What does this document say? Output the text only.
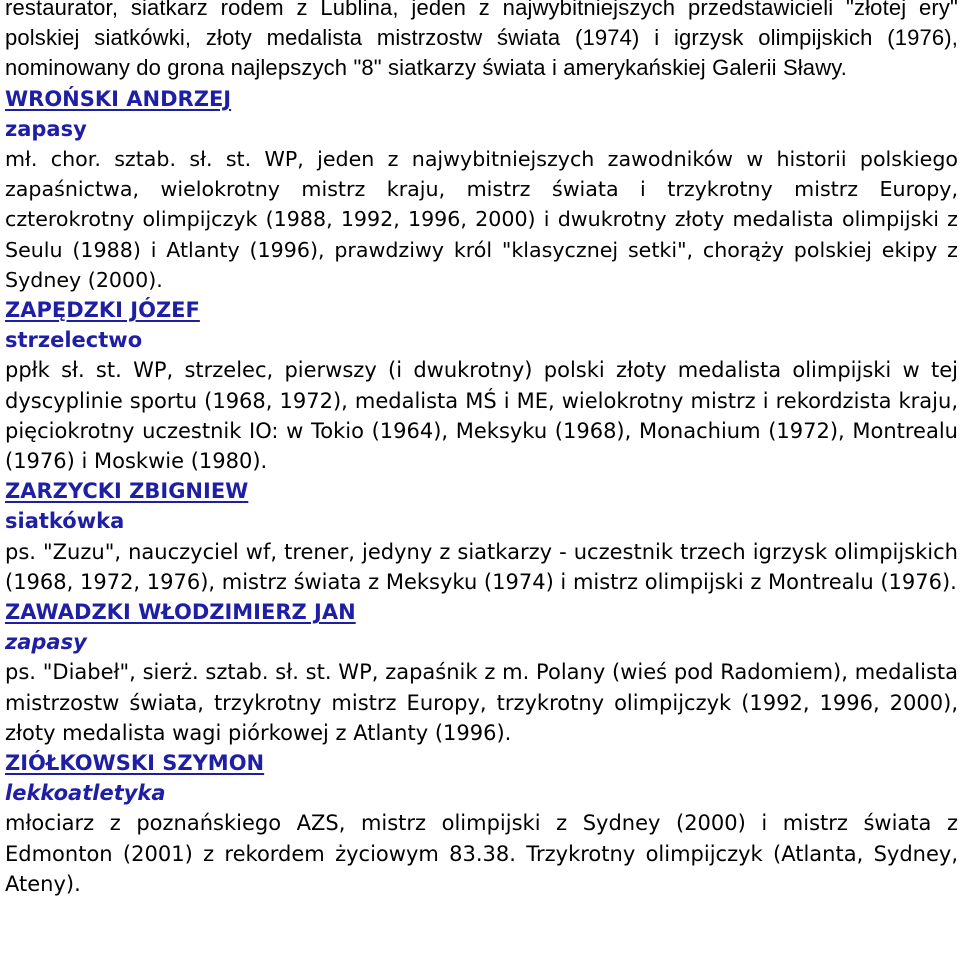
restaurator, siatkarz rodem z Lublina, jeden z najwybitniejszych przedstawicieli "złotej ery" polskiej siatkówki, złoty medalista mistrzostw świata (1974) i igrzysk olimpijskich (1976), nominowany do grona najlepszych "8" siatkarzy świata i amerykańskiej Galerii Sławy.

WROŃSKI ANDRZEJ

zapasy

mł. chor. sztab. sł. st. WP, jeden z najwybitniejszych zawodników w historii polskiego zapaśnictwa, wielokrotny mistrz kraju, mistrz świata i trzykrotny mistrz Europy, czterokrotny olimpijczyk (1988, 1992, 1996, 2000) i dwukrotny złoty medalista olimpijski z Seulu (1988) i Atlanty (1996), prawdziwy król "klasycznej setki", chorąży polskiej ekipy z Sydney (2000).

ZAPĘDZKI JÓZEF

strzelectwo

ppłk sł. st. WP, strzelec, pierwszy (i dwukrotny) polski złoty medalista olimpijski w tej dyscyplinie sportu (1968, 1972), medalista MŚ i ME, wielokrotny mistrz i rekordzista kraju, pięciokrotny uczestnik IO: w Tokio (1964), Meksyku (1968), Monachium (1972), Montrealu (1976) i Moskwie (1980).

ZARZYCKI ZBIGNIEW

siatkówka

ps. "Zuzu", nauczyciel wf, trener, jedyny z siatkarzy - uczestnik trzech igrzysk olimpijskich (1968, 1972, 1976), mistrz świata z Meksyku (1974) i mistrz olimpijski z Montrealu (1976).

ZAWADZKI WŁODZIMIERZ JAN

zapasy

ps. "Diabeł", sierż. sztab. sł. st. WP, zapaśnik z m. Polany (wieś pod Radomiem), medalista mistrzostw świata, trzykrotny mistrz Europy, trzykrotny olimpijczyk (1992, 1996, 2000), złoty medalista wagi piórkowej z Atlanty (1996).

ZIÓŁKOWSKI SZYMON

lekkoatletyka

młociarz z poznańskiego AZS, mistrz olimpijski z Sydney (2000) i mistrz świata z Edmonton (2001) z rekordem życiowym 83.38. Trzykrotny olimpijczyk (Atlanta, Sydney, Ateny).
